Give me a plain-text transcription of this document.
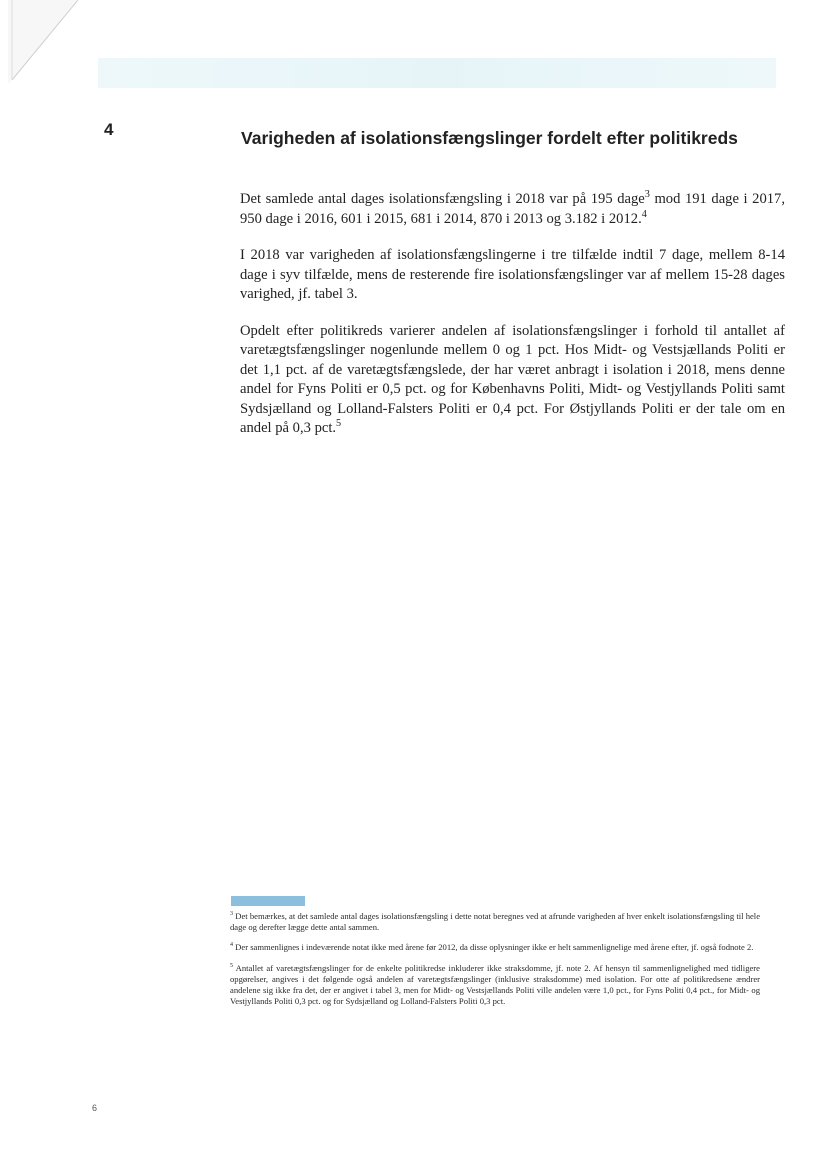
4	Varigheden af isolationsfængslinger fordelt efter politikreds

Det samlede antal dages isolationsfængsling i 2018 var på 195 dage$^3$ mod 191 dage i 2017, 950 dage i 2016, 601 i 2015, 681 i 2014, 870 i 2013 og 3.182 i 2012.$^4$

I 2018 var varigheden af isolationsfængslingerne i tre tilfælde indtil 7 dage, mellem 8-14 dage i syv tilfælde, mens de resterende fire isolationsfængslinger var af mellem 15-28 dages varighed, jf. tabel 3.

Opdelt efter politikreds varierer andelen af isolationsfængslinger i forhold til antallet af varetægtsfængslinger nogenlunde mellem 0 og 1 pct. Hos Midt- og Vestsjællands Politi er det 1,1 pct. af de varetægtsfængslede, der har været anbragt i isolation i 2018, mens denne andel for Fyns Politi er 0,5 pct. og for Københavns Politi, Midt- og Vestjyllands Politi samt Sydsjælland og Lolland-Falsters Politi er 0,4 pct. For Østjyllands Politi er der tale om en andel på 0,3 pct.$^5$

$^3$ Det bemærkes, at det samlede antal dages isolationsfængsling i dette notat beregnes ved at afrunde varigheden af hver enkelt isolationsfængsling til hele dage og derefter lægge dette antal sammen.

$^4$ Der sammenlignes i indeværende notat ikke med årene før 2012, da disse oplysninger ikke er helt sammenlignelige med årene efter, jf. også fodnote 2.

$^5$ Antallet af varetægtsfængslinger for de enkelte politikredse inkluderer ikke straksdomme, jf. note 2. Af hensyn til sammenlignelighed med tidligere opgørelser, angives i det følgende også andelen af varetægtsfængslinger (inklusive straksdomme) med isolation. For otte af politikredsene ændrer andelene sig ikke fra det, der er angivet i tabel 3, men for Midt- og Vestsjællands Politi ville andelen være 1,0 pct., for Fyns Politi 0,4 pct., for Midt- og Vestjyllands Politi 0,3 pct. og for Sydsjælland og Lolland-Falsters Politi 0,3 pct.

6
